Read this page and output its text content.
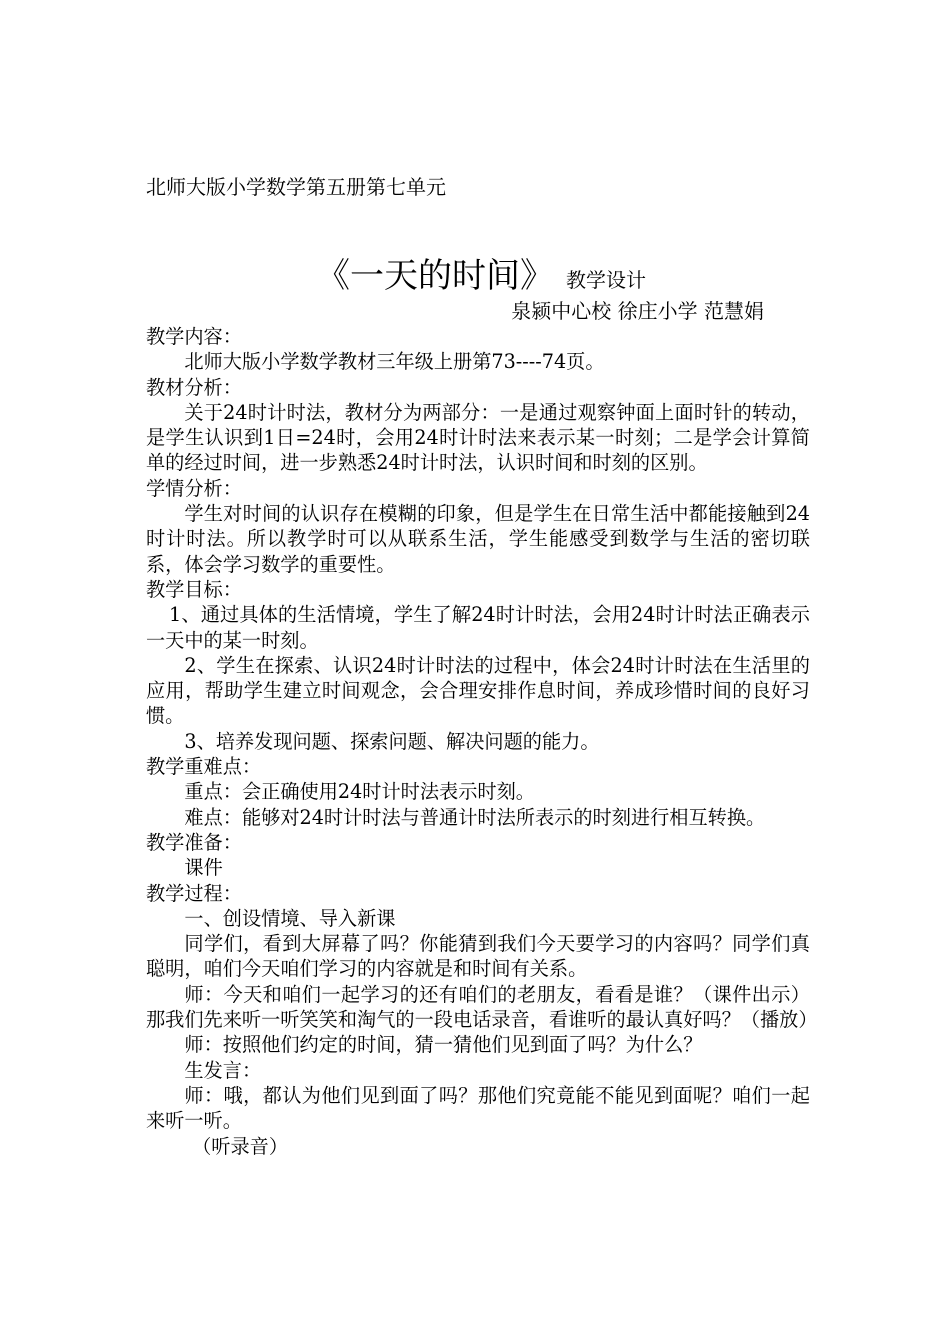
北师大版小学数学第五册第七单元
《一天的时间》 教学设计
泉颍中心校 徐庄小学 范慧娟

教学内容：

北师大版小学数学教材三年级上册第73----74页。

教材分析：

关于24时计时法，教材分为两部分：一是通过观察钟面上面时针的转动，是学生认识到1日=24时，会用24时计时法来表示某一时刻；二是学会计算简单的经过时间，进一步熟悉24时计时法，认识时间和时刻的区别。

学情分析：

学生对时间的认识存在模糊的印象，但是学生在日常生活中都能接触到24时计时法。所以教学时可以从联系生活，学生能感受到数学与生活的密切联系，体会学习数学的重要性。

教学目标：

1、通过具体的生活情境，学生了解24时计时法，会用24时计时法正确表示一天中的某一时刻。

2、学生在探索、认识24时计时法的过程中，体会24时计时法在生活里的应用，帮助学生建立时间观念，会合理安排作息时间，养成珍惜时间的良好习惯。

3、培养发现问题、探索问题、解决问题的能力。

教学重难点：

重点：会正确使用24时计时法表示时刻。

难点：能够对24时计时法与普通计时法所表示的时刻进行相互转换。

教学准备：

课件

教学过程：

一、创设情境、导入新课

同学们，看到大屏幕了吗？你能猜到我们今天要学习的内容吗？同学们真聪明，咱们今天咱们学习的内容就是和时间有关系。

师：今天和咱们一起学习的还有咱们的老朋友，看看是谁？（课件出示）那我们先来听一听笑笑和淘气的一段电话录音，看谁听的最认真好吗？（播放）

师：按照他们约定的时间，猜一猜他们见到面了吗？为什么？

生发言：

师：哦，都认为他们见到面了吗？那他们究竟能不能见到面呢？咱们一起来听一听。

（听录音）
